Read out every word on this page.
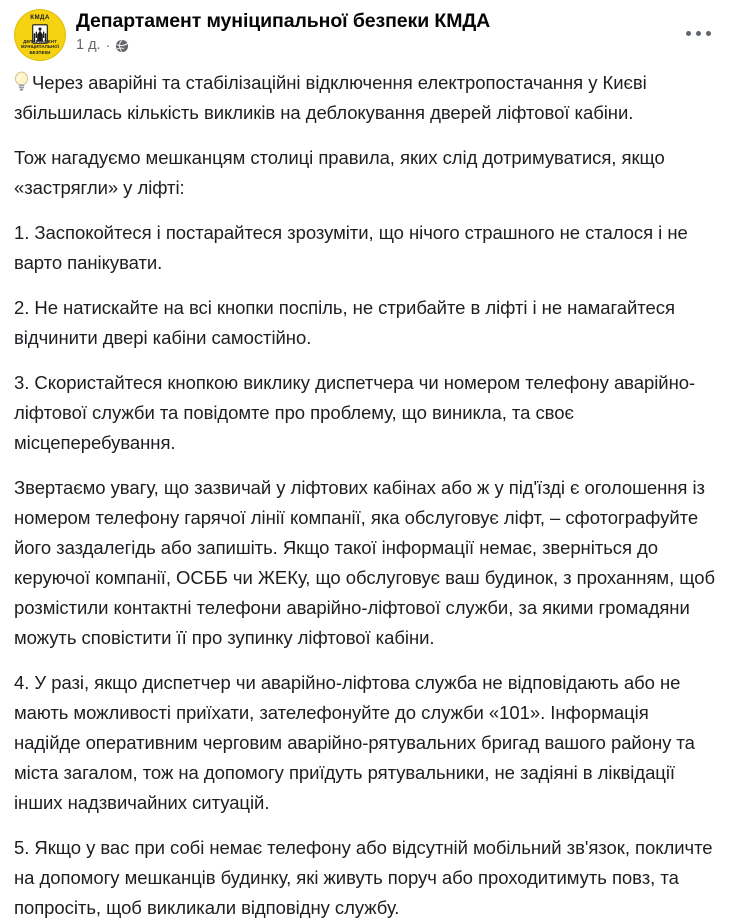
КМДА
ДЕПАРТАМЕНТ МУНІЦИПАЛЬНОЇ БЕЗПЕКИ
Департамент муніципальної безпеки КМДА
1 д. ·

Через аварійні та стабілізаційні відключення електропостачання у Києві збільшилась кількість викликів на деблокування дверей ліфтової кабіни.

Тож нагадуємо мешканцям столиці правила, яких слід дотримуватися, якщо «застрягли» у ліфті:

1. Заспокойтеся і постарайтеся зрозуміти, що нічого страшного не сталося і не варто панікувати.

2. Не натискайте на всі кнопки поспіль, не стрибайте в ліфті і не намагайтеся відчинити двері кабіни самостійно.

3. Скористайтеся кнопкою виклику диспетчера чи номером телефону аварійно-ліфтової служби та повідомте про проблему, що виникла, та своє місцеперебування.

Звертаємо увагу, що зазвичай у ліфтових кабінах або ж у під'їзді є оголошення із номером телефону гарячої лінії компанії, яка обслуговує ліфт, – сфотографуйте його заздалегідь або запишіть. Якщо такої інформації немає, зверніться до керуючої компанії, ОСББ чи ЖЕКу, що обслуговує ваш будинок, з проханням, щоб розмістили контактні телефони аварійно-ліфтової служби, за якими громадяни можуть сповістити її про зупинку ліфтової кабіни.

4. У разі, якщо диспетчер чи аварійно-ліфтова служба не відповідають або не мають можливості приїхати, зателефонуйте до служби «101». Інформація надійде оперативним черговим аварійно-рятувальних бригад вашого району та міста загалом, тож на допомогу приїдуть рятувальники, не задіяні в ліквідації інших надзвичайних ситуацій.

5. Якщо у вас при собі немає телефону або відсутній мобільний зв'язок, покличте на допомогу мешканців будинку, які живуть поруч або проходитимуть повз, та попросіть, щоб викликали відповідну службу.
